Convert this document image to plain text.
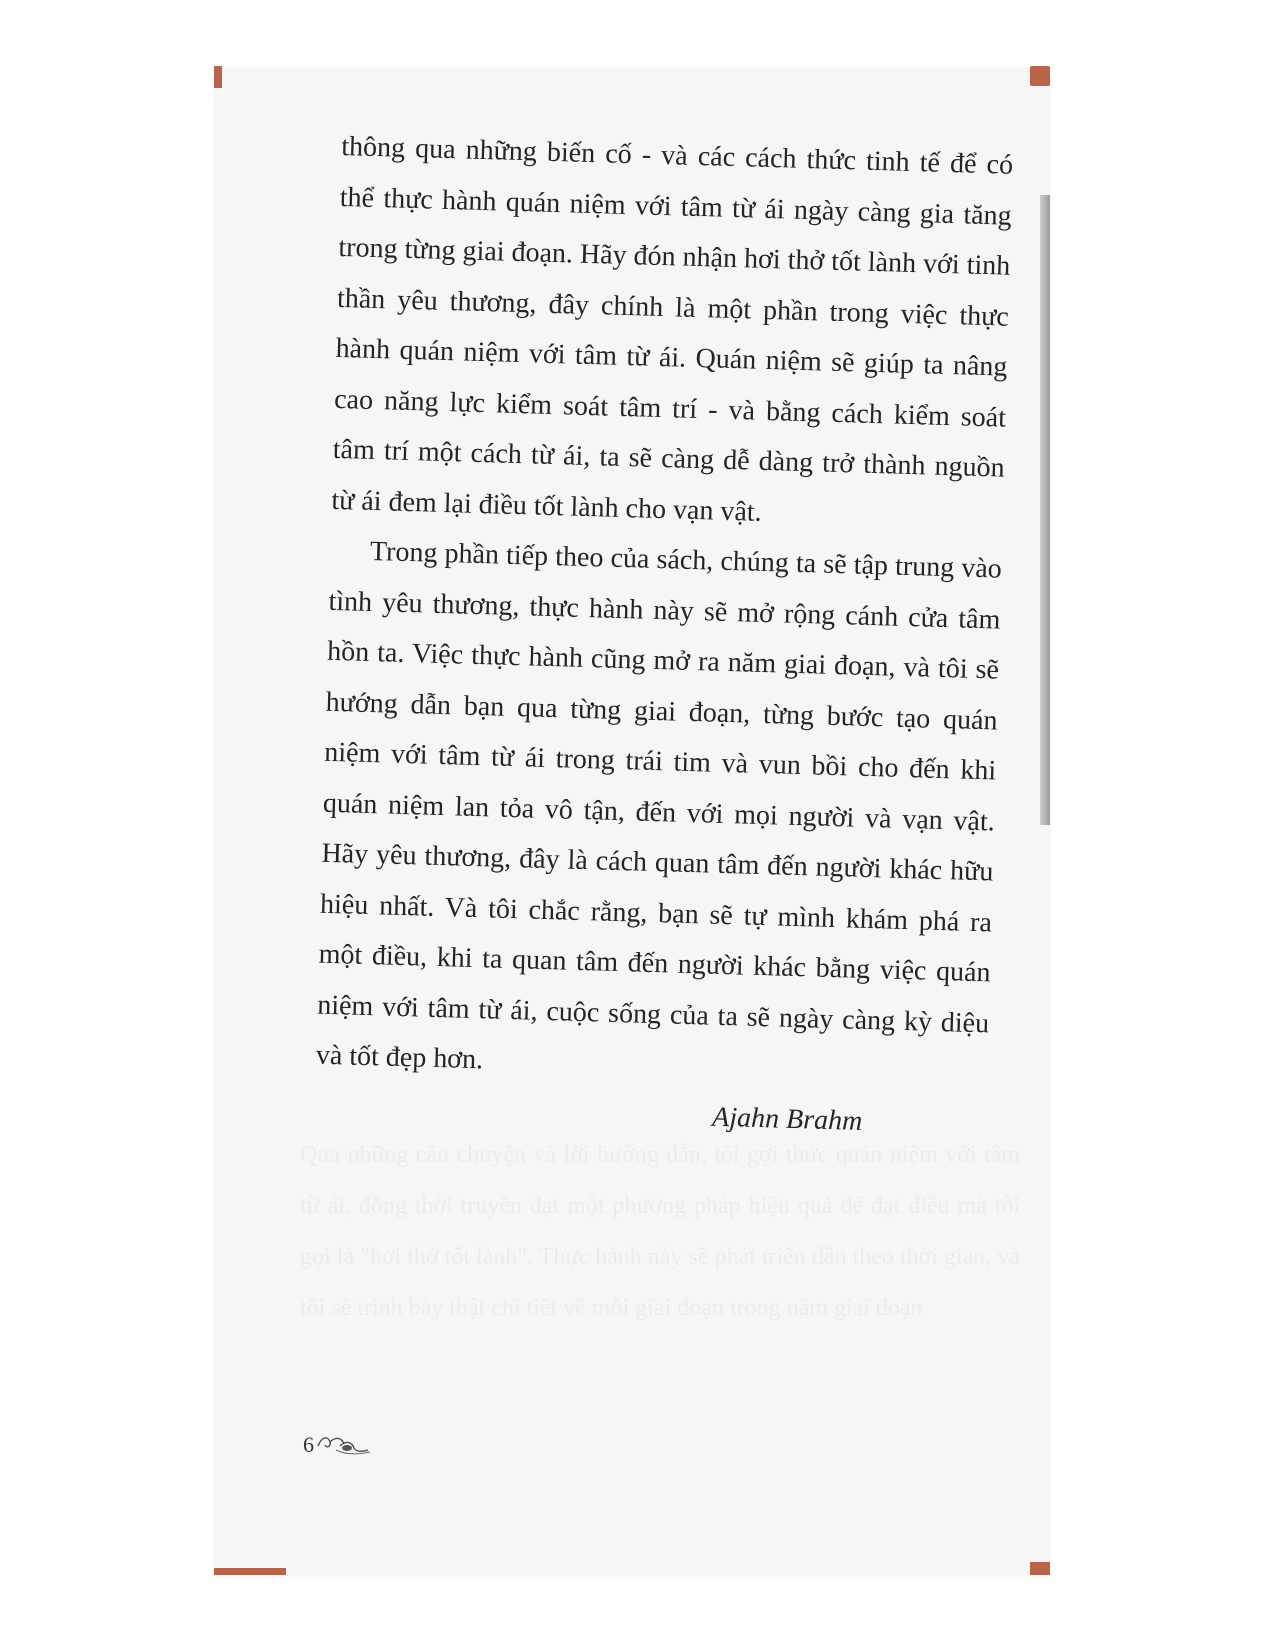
Qua những câu chuyện và lời hướng dẫn, tôi gợi thức quán niệm với tâm từ ái, đồng thời truyền đạt một phương pháp hiệu quả để đạt điều mà tôi gọi là "hơi thở tốt lành". Thực hành này sẽ phát triển dần theo thời gian, và tôi sẽ trình bày thật chi tiết về mỗi giai đoạn trong năm giai đoạn

thông qua những biến cố - và các cách thức tinh tế để có thể thực hành quán niệm với tâm từ ái ngày càng gia tăng trong từng giai đoạn. Hãy đón nhận hơi thở tốt lành với tinh thần yêu thương, đây chính là một phần trong việc thực hành quán niệm với tâm từ ái. Quán niệm sẽ giúp ta nâng cao năng lực kiểm soát tâm trí - và bằng cách kiểm soát tâm trí một cách từ ái, ta sẽ càng dễ dàng trở thành nguồn từ ái đem lại điều tốt lành cho vạn vật.

Trong phần tiếp theo của sách, chúng ta sẽ tập trung vào tình yêu thương, thực hành này sẽ mở rộng cánh cửa tâm hồn ta. Việc thực hành cũng mở ra năm giai đoạn, và tôi sẽ hướng dẫn bạn qua từng giai đoạn, từng bước tạo quán niệm với tâm từ ái trong trái tim và vun bồi cho đến khi quán niệm lan tỏa vô tận, đến với mọi người và vạn vật. Hãy yêu thương, đây là cách quan tâm đến người khác hữu hiệu nhất. Và tôi chắc rằng, bạn sẽ tự mình khám phá ra một điều, khi ta quan tâm đến người khác bằng việc quán niệm với tâm từ ái, cuộc sống của ta sẽ ngày càng kỳ diệu và tốt đẹp hơn.

Ajahn Brahm
6
